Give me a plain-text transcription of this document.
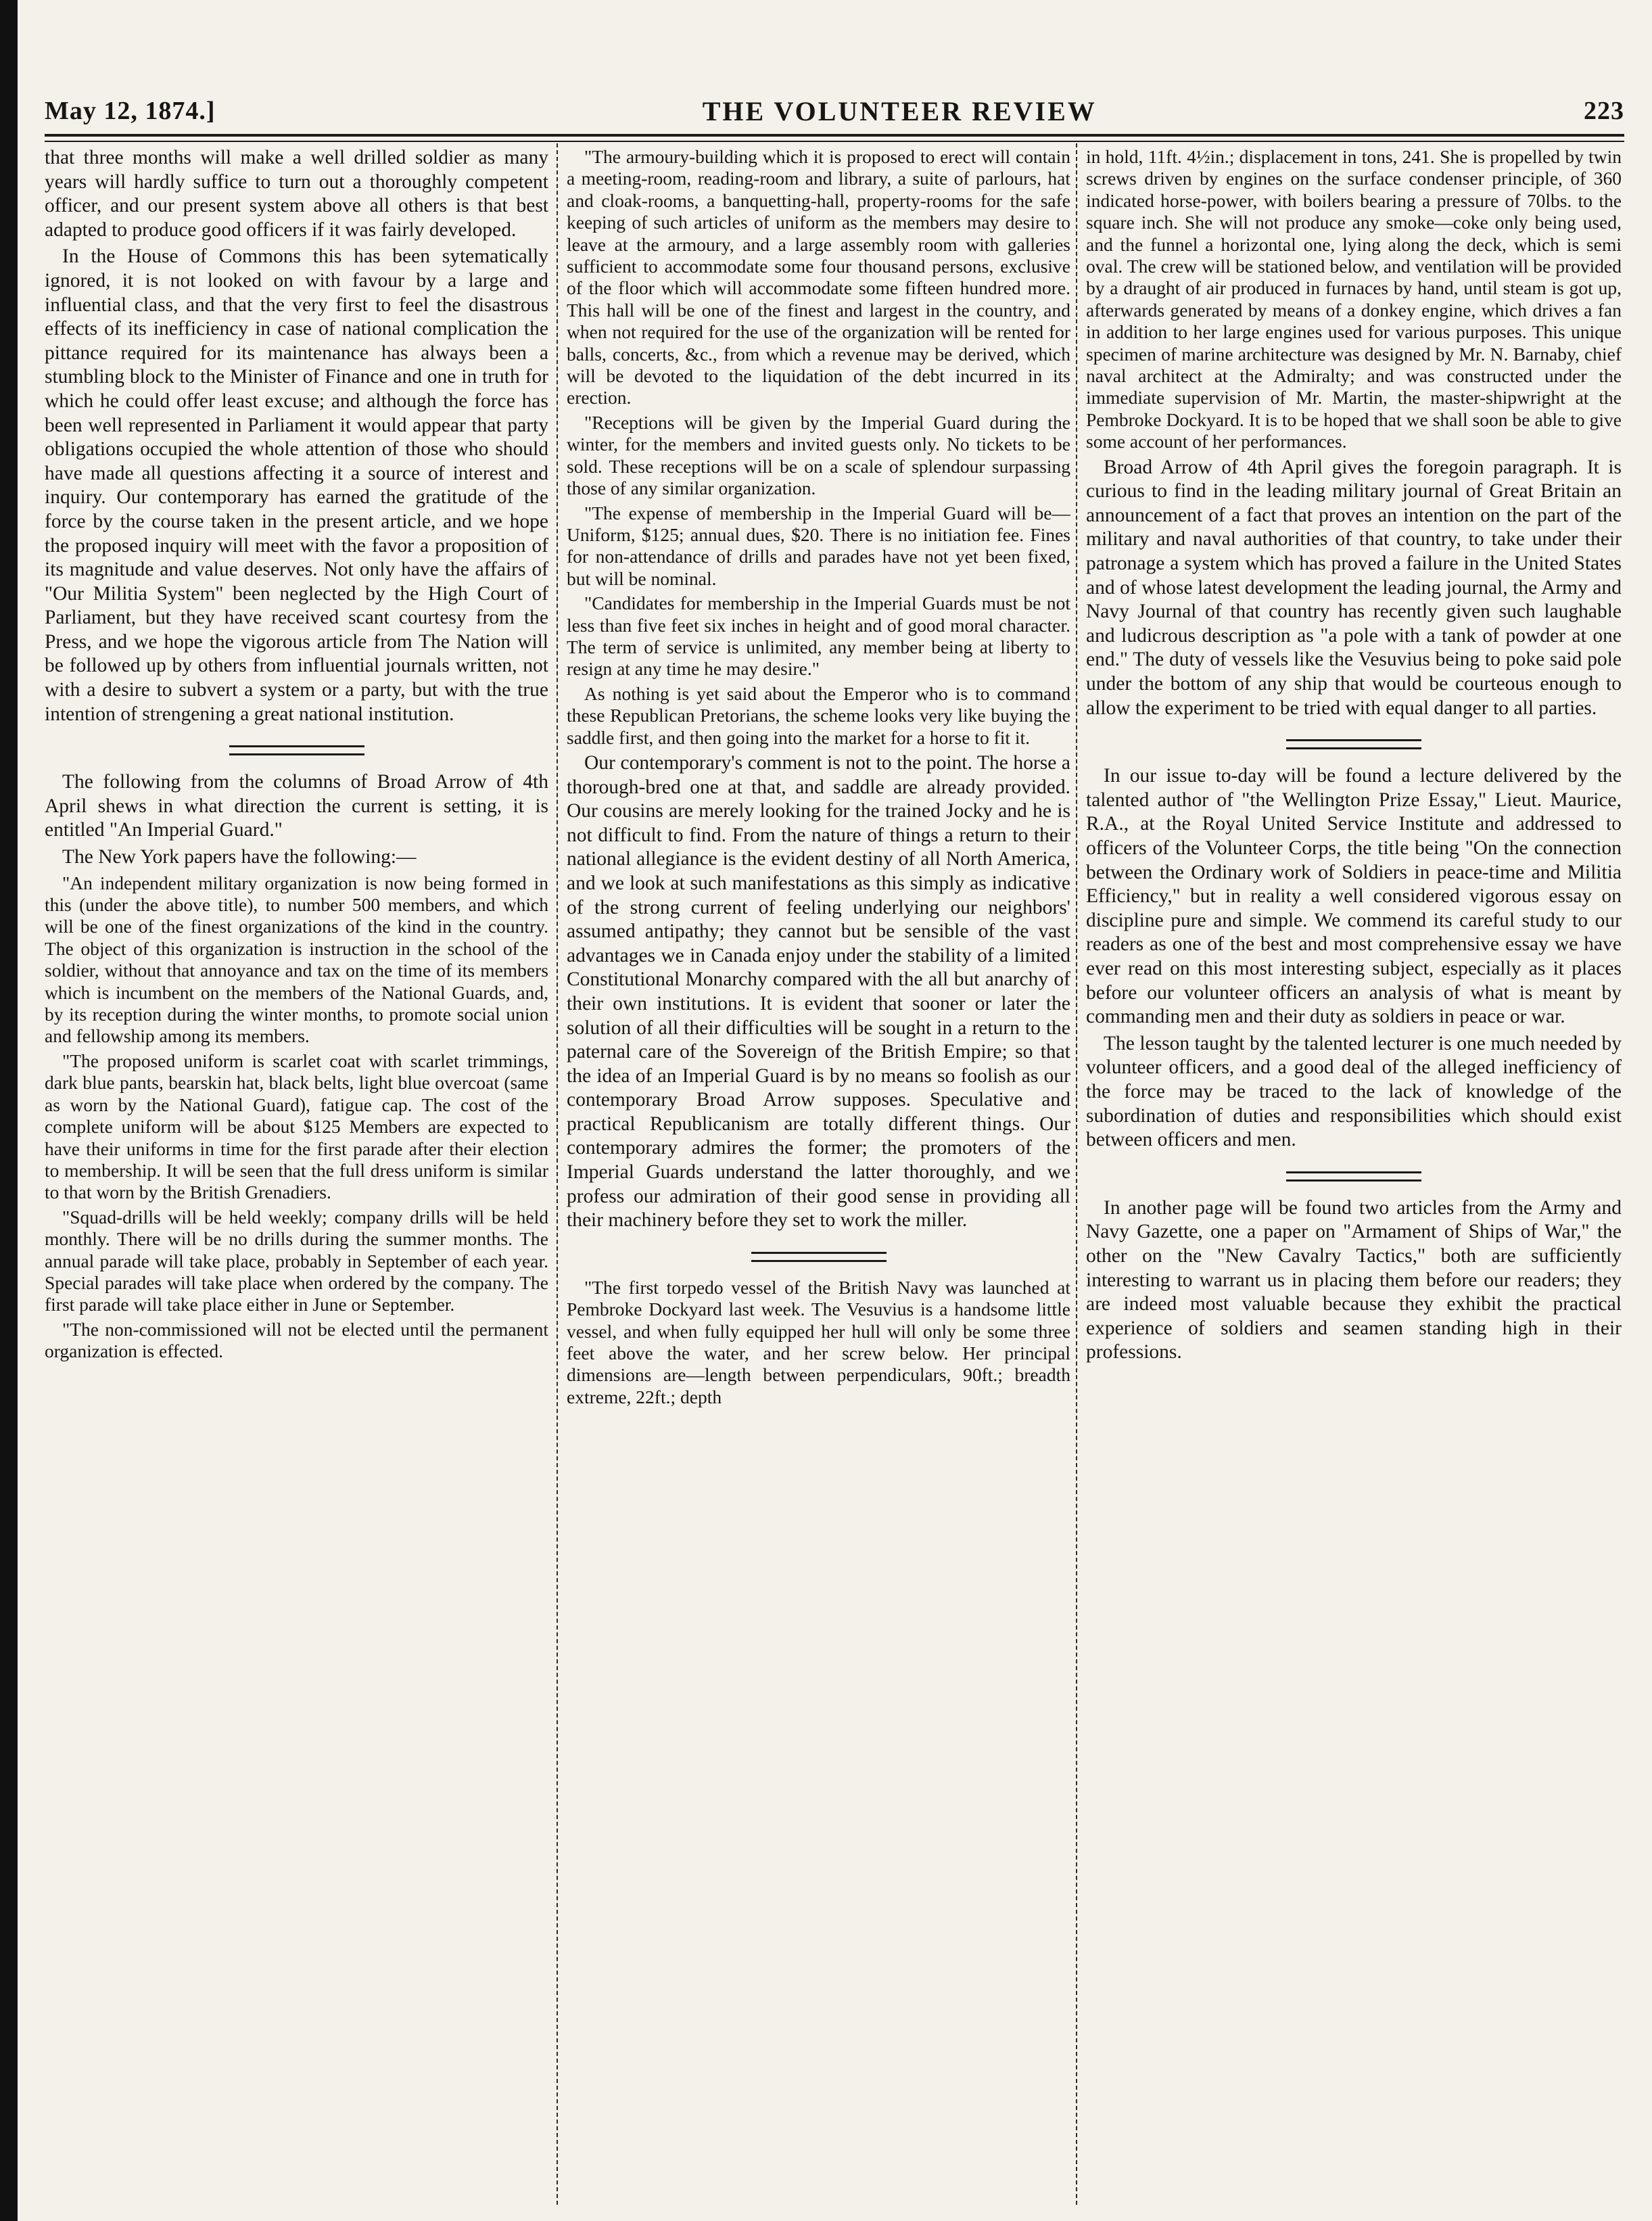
May 12, 1874.]	THE VOLUNTEER REVIEW	223

that three months will make a well drilled soldier as many years will hardly suffice to turn out a thoroughly competent officer, and our present system above all others is that best adapted to produce good officers if it was fairly developed.

In the House of Commons this has been sytematically ignored, it is not looked on with favour by a large and influential class, and that the very first to feel the disastrous effects of its inefficiency in case of national complication the pittance required for its maintenance has always been a stumbling block to the Minister of Finance and one in truth for which he could offer least excuse; and although the force has been well represented in Parliament it would appear that party obligations occupied the whole attention of those who should have made all questions affecting it a source of interest and inquiry. Our contemporary has earned the gratitude of the force by the course taken in the present article, and we hope the proposed inquiry will meet with the favor a proposition of its magnitude and value deserves. Not only have the affairs of "Our Militia System" been neglected by the High Court of Parliament, but they have received scant courtesy from the Press, and we hope the vigorous article from The Nation will be followed up by others from influential journals written, not with a desire to subvert a system or a party, but with the true intention of strengening a great national institution.

The following from the columns of Broad Arrow of 4th April shews in what direction the current is setting, it is entitled "An Imperial Guard."

The New York papers have the following:—

"An independent military organization is now being formed in this (under the above title), to number 500 members, and which will be one of the finest organizations of the kind in the country. The object of this organization is instruction in the school of the soldier, without that annoyance and tax on the time of its members which is incumbent on the members of the National Guards, and, by its reception during the winter months, to promote social union and fellowship among its members.

"The proposed uniform is scarlet coat with scarlet trimmings, dark blue pants, bearskin hat, black belts, light blue overcoat (same as worn by the National Guard), fatigue cap. The cost of the complete uniform will be about $125 Members are expected to have their uniforms in time for the first parade after their election to membership. It will be seen that the full dress uniform is similar to that worn by the British Grenadiers.

"Squad-drills will be held weekly; company drills will be held monthly. There will be no drills during the summer months. The annual parade will take place, probably in September of each year. Special parades will take place when ordered by the company. The first parade will take place either in June or September.

"The non-commissioned will not be elected until the permanent organization is effected.

"The armoury-building which it is proposed to erect will contain a meeting-room, reading-room and library, a suite of parlours, hat and cloak-rooms, a banquetting-hall, property-rooms for the safe keeping of such articles of uniform as the members may desire to leave at the armoury, and a large assembly room with galleries sufficient to accommodate some four thousand persons, exclusive of the floor which will accommodate some fifteen hundred more. This hall will be one of the finest and largest in the country, and when not required for the use of the organization will be rented for balls, concerts, &c., from which a revenue may be derived, which will be devoted to the liquidation of the debt incurred in its erection.

"Receptions will be given by the Imperial Guard during the winter, for the members and invited guests only. No tickets to be sold. These receptions will be on a scale of splendour surpassing those of any similar organization.

"The expense of membership in the Imperial Guard will be—Uniform, $125; annual dues, $20. There is no initiation fee. Fines for non-attendance of drills and parades have not yet been fixed, but will be nominal.

"Candidates for membership in the Imperial Guards must be not less than five feet six inches in height and of good moral character. The term of service is unlimited, any member being at liberty to resign at any time he may desire."

As nothing is yet said about the Emperor who is to command these Republican Pretorians, the scheme looks very like buying the saddle first, and then going into the market for a horse to fit it.

Our contemporary's comment is not to the point. The horse a thorough-bred one at that, and saddle are already provided. Our cousins are merely looking for the trained Jocky and he is not difficult to find. From the nature of things a return to their national allegiance is the evident destiny of all North America, and we look at such manifestations as this simply as indicative of the strong current of feeling underlying our neighbors' assumed antipathy; they cannot but be sensible of the vast advantages we in Canada enjoy under the stability of a limited Constitutional Monarchy compared with the all but anarchy of their own institutions. It is evident that sooner or later the solution of all their difficulties will be sought in a return to the paternal care of the Sovereign of the British Empire; so that the idea of an Imperial Guard is by no means so foolish as our contemporary Broad Arrow supposes. Speculative and practical Republicanism are totally different things. Our contemporary admires the former; the promoters of the Imperial Guards understand the latter thoroughly, and we profess our admiration of their good sense in providing all their machinery before they set to work the miller.

"The first torpedo vessel of the British Navy was launched at Pembroke Dockyard last week. The Vesuvius is a handsome little vessel, and when fully equipped her hull will only be some three feet above the water, and her screw below. Her principal dimensions are—length between perpendiculars, 90ft.; breadth extreme, 22ft.; depth

in hold, 11ft. 4½in.; displacement in tons, 241. She is propelled by twin screws driven by engines on the surface condenser principle, of 360 indicated horse-power, with boilers bearing a pressure of 70lbs. to the square inch. She will not produce any smoke—coke only being used, and the funnel a horizontal one, lying along the deck, which is semi oval. The crew will be stationed below, and ventilation will be provided by a draught of air produced in furnaces by hand, until steam is got up, afterwards generated by means of a donkey engine, which drives a fan in addition to her large engines used for various purposes. This unique specimen of marine architecture was designed by Mr. N. Barnaby, chief naval architect at the Admiralty; and was constructed under the immediate supervision of Mr. Martin, the master-shipwright at the Pembroke Dockyard. It is to be hoped that we shall soon be able to give some account of her performances.

Broad Arrow of 4th April gives the foregoin paragraph. It is curious to find in the leading military journal of Great Britain an announcement of a fact that proves an intention on the part of the military and naval authorities of that country, to take under their patronage a system which has proved a failure in the United States and of whose latest development the leading journal, the Army and Navy Journal of that country has recently given such laughable and ludicrous description as "a pole with a tank of powder at one end." The duty of vessels like the Vesuvius being to poke said pole under the bottom of any ship that would be courteous enough to allow the experiment to be tried with equal danger to all parties.

In our issue to-day will be found a lecture delivered by the talented author of "the Wellington Prize Essay," Lieut. Maurice, R.A., at the Royal United Service Institute and addressed to officers of the Volunteer Corps, the title being "On the connection between the Ordinary work of Soldiers in peace-time and Militia Efficiency," but in reality a well considered vigorous essay on discipline pure and simple. We commend its careful study to our readers as one of the best and most comprehensive essay we have ever read on this most interesting subject, especially as it places before our volunteer officers an analysis of what is meant by commanding men and their duty as soldiers in peace or war.

The lesson taught by the talented lecturer is one much needed by volunteer officers, and a good deal of the alleged inefficiency of the force may be traced to the lack of knowledge of the subordination of duties and responsibilities which should exist between officers and men.

In another page will be found two articles from the Army and Navy Gazette, one a paper on "Armament of Ships of War," the other on the "New Cavalry Tactics," both are sufficiently interesting to warrant us in placing them before our readers; they are indeed most valuable because they exhibit the practical experience of soldiers and seamen standing high in their professions.
